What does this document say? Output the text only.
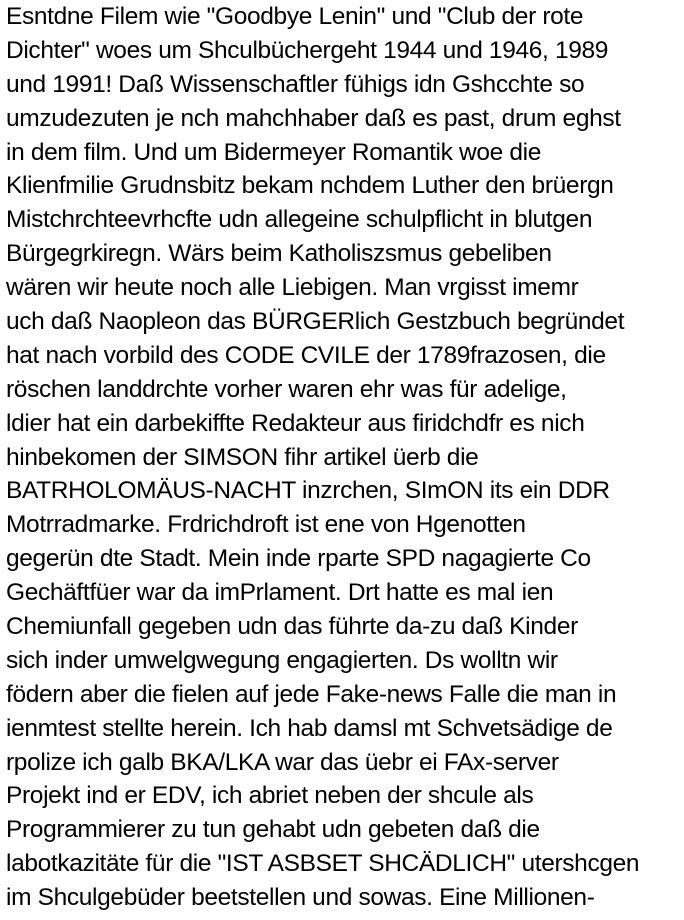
Esntdne Filem wie "Goodbye Lenin" und "Club der rote
Dichter" woes um Shculbüchergeht 1944 und 1946, 1989
und 1991! Daß Wissenschaftler fühigs idn Gshcchte so
umzudezuten je nch mahchhaber daß es past, drum eghst
in dem film. Und um Bidermeyer Romantik woe die
Klienfmilie Grudnsbitz bekam nchdem Luther den brüergn
Mistchrchteevrhcfte udn allegeine schulpflicht in blutgen
Bürgegrkiregn. Wärs beim Katholiszsmus gebeliben
wären wir heute noch alle Liebigen. Man vrgisst imemr
uch daß Naopleon das BÜRGERlich Gestzbuch begründet
hat nach vorbild des CODE CVILE der 1789frazosen, die
röschen landdrchte vorher waren ehr was für adelige,
ldier hat ein darbekiffte Redakteur aus firidchdfr es nich
hinbekomen der SIMSON fihr artikel üerb die
BATRHOLOMÄUS-NACHT inzrchen, SImON its ein DDR
Motrradmarke. Frdrichdroft ist ene von Hgenotten
gegerün dte Stadt. Mein inde rparte SPD nagagierte Co
Gechäftfüer war da imPrlament. Drt hatte es mal ien
Chemiunfall gegeben udn das führte da-zu daß Kinder
sich inder umwelgwegung engagierten. Ds wolltn wir
födern aber die fielen auf jede Fake-news Falle die man in
ienmtest stellte herein. Ich hab damsl mt Schvetsädige de
rpolize ich galb BKA/LKA war das üebr ei FAx-server
Projekt ind er EDV, ich abriet neben der shcule als
Programmierer zu tun gehabt udn gebeten daß die
labotkazitäte für die "IST ASBSET SHCÄDLICH" utershcgen
im Shculgebüder beetstellen und sowas. Eine Millionen-
